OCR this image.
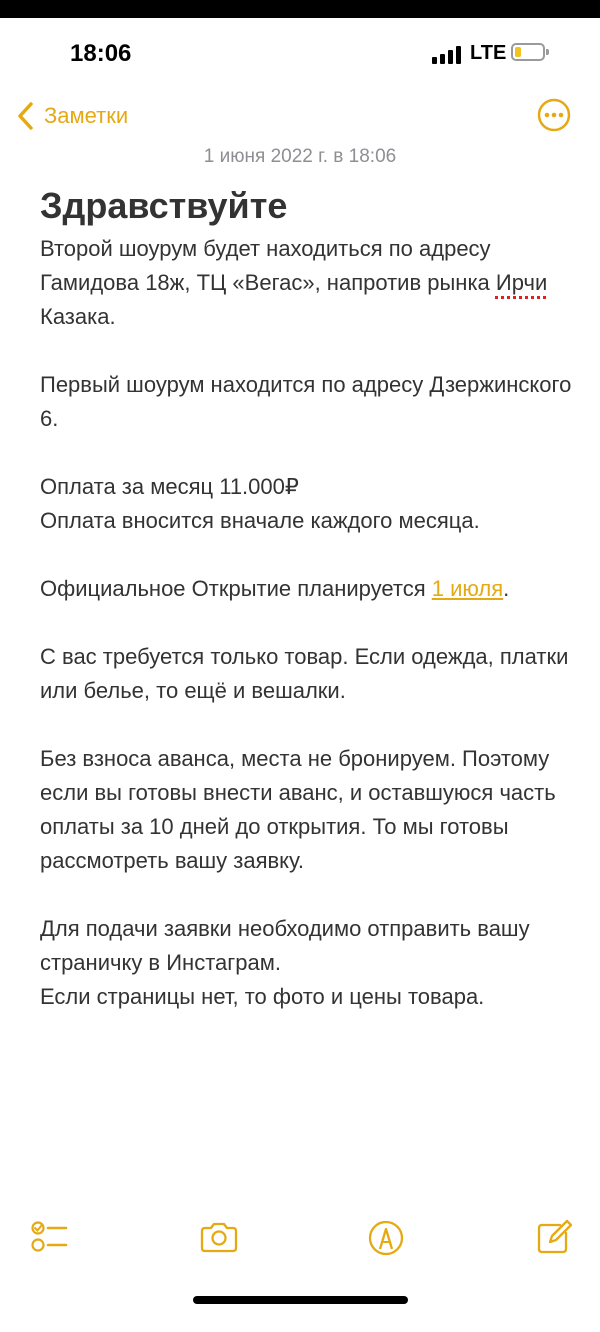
18:06	LTE
Заметки
1 июня 2022 г. в 18:06

Здравствуйте

Второй шоурум будет находиться по адресу Гамидова 18ж, ТЦ «Вегас», напротив рынка Ирчи Казака.

Первый шоурум находится по адресу Дзержинского 6.

Оплата за месяц 11.000₽

Оплата вносится вначале каждого месяца.

Официальное Открытие планируется 1 июля.

С вас требуется только товар. Если одежда, платки или белье, то ещё и вешалки.

Без взноса аванса, места не бронируем. Поэтому если вы готовы внести аванс, и оставшуюся часть оплаты за 10 дней до открытия. То мы готовы рассмотреть вашу заявку.

Для подачи заявки необходимо отправить вашу страничку в Инстаграм.

Если страницы нет, то фото и цены товара.
